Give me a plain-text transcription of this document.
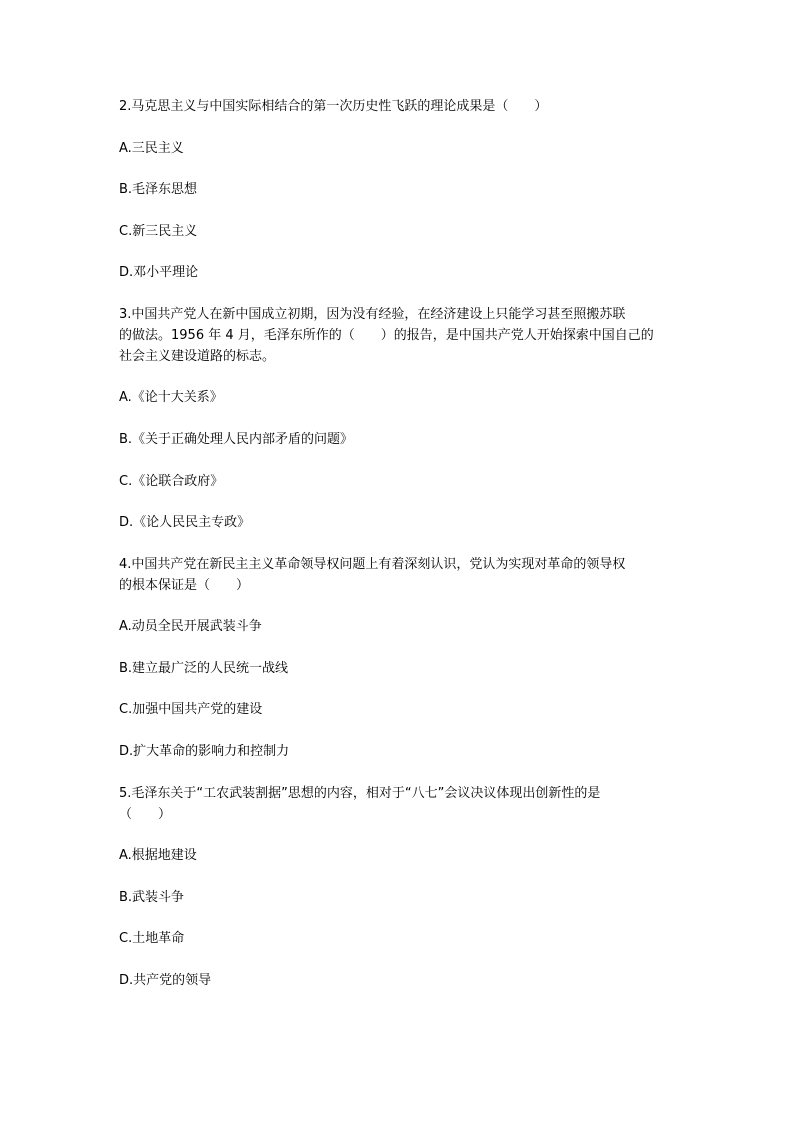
2.马克思主义与中国实际相结合的第一次历史性飞跃的理论成果是（　　）
A.三民主义
B.毛泽东思想
C.新三民主义
D.邓小平理论
3.中国共产党人在新中国成立初期，因为没有经验，在经济建设上只能学习甚至照搬苏联
的做法。1956 年 4 月，毛泽东所作的（　　）的报告，是中国共产党人开始探索中国自己的
社会主义建设道路的标志。
A.《论十大关系》
B.《关于正确处理人民内部矛盾的问题》
C.《论联合政府》
D.《论人民民主专政》
4.中国共产党在新民主主义革命领导权问题上有着深刻认识，党认为实现对革命的领导权
的根本保证是（　　）
A.动员全民开展武装斗争
B.建立最广泛的人民统一战线
C.加强中国共产党的建设
D.扩大革命的影响力和控制力
5.毛泽东关于“工农武装割据”思想的内容，相对于“八七”会议决议体现出创新性的是
（　　）
A.根据地建设
B.武装斗争
C.土地革命
D.共产党的领导
